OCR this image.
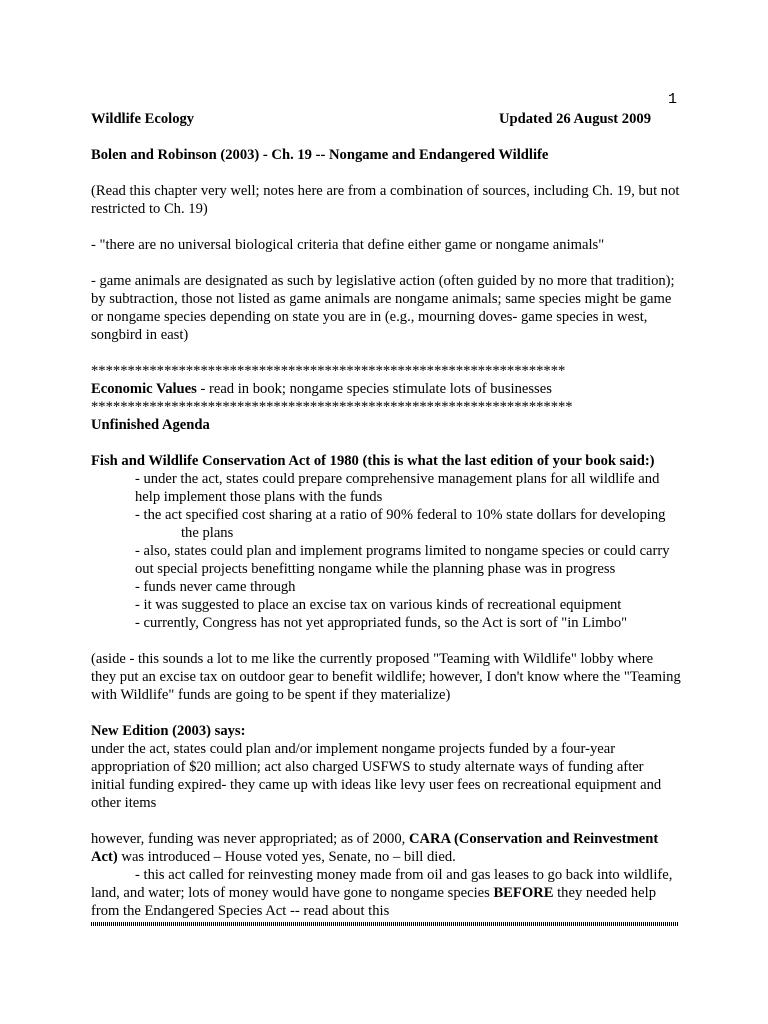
1
Wildlife Ecology	Updated 26 August 2009

Bolen and Robinson (2003) - Ch. 19 -- Nongame and Endangered Wildlife

(Read this chapter very well; notes here are from a combination of sources, including Ch. 19, but not restricted to Ch. 19)

- "there are no universal biological criteria that define either game or nongame animals"

- game animals are designated as such by legislative action (often guided by no more that tradition); by subtraction, those not listed as game animals are nongame animals; same species might be game or nongame species depending on state you are in (e.g., mourning doves- game species in west, songbird in east)

*****************************************************************

Economic Values - read in book; nongame species stimulate lots of businesses

******************************************************************

Unfinished Agenda

Fish and Wildlife Conservation Act of 1980 (this is what the last edition of your book said:)

- under the act, states could prepare comprehensive management plans for all wildlife and help implement those plans with the funds

- the act specified cost sharing at a ratio of 90% federal to 10% state dollars for developing

the plans

- also, states could plan and implement programs limited to nongame species or could carry out special projects benefitting nongame while the planning phase was in progress

- funds never came through

- it was suggested to place an excise tax on various kinds of recreational equipment

- currently, Congress has not yet appropriated funds, so the Act is sort of "in Limbo"

(aside - this sounds a lot to me like the currently proposed "Teaming with Wildlife" lobby where they put an excise tax on outdoor gear to benefit wildlife; however, I don't know where the "Teaming with Wildlife" funds are going to be spent if they materialize)

New Edition (2003) says:

under the act, states could plan and/or implement nongame projects funded by a four-year appropriation of $20 million; act also charged USFWS to study alternate ways of funding after initial funding expired- they came up with ideas like levy user fees on recreational equipment and other items

however, funding was never appropriated; as of 2000, CARA (Conservation and Reinvestment Act) was introduced – House voted yes, Senate, no – bill died.

- this act called for reinvesting money made from oil and gas leases to go back into wildlife, land, and water; lots of money would have gone to nongame species BEFORE they needed help from the Endangered Species Act -- read about this
